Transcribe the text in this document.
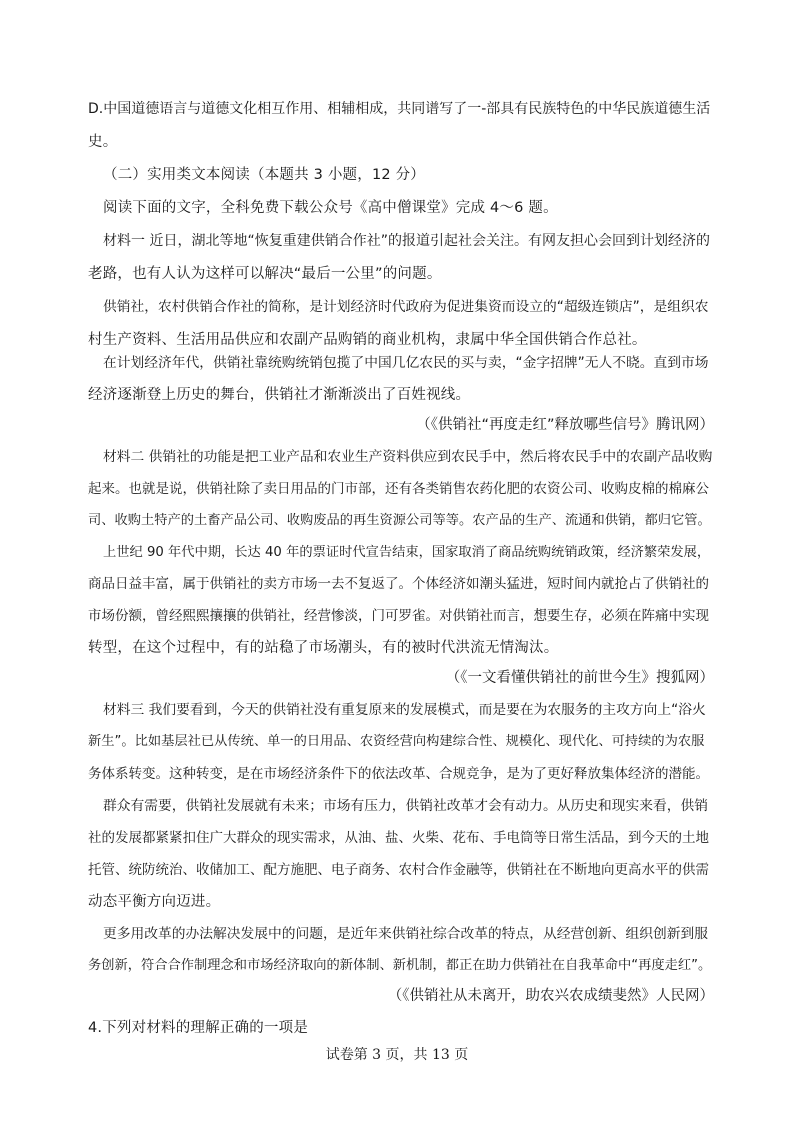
D.中国道德语言与道德文化相互作用、相辅相成，共同谱写了一-部具有民族特色的中华民族道德生活
史。
（二）实用类文本阅读（本题共 3 小题，12 分）
阅读下面的文字，全科免费下载公众号《高中僧课堂》完成 4～6 题。
材料一 近日，湖北等地“恢复重建供销合作社”的报道引起社会关注。有网友担心会回到计划经济的
老路，也有人认为这样可以解决“最后一公里”的问题。
供销社，农村供销合作社的简称，是计划经济时代政府为促进集资而设立的“超级连锁店”，是组织农
村生产资料、生活用品供应和农副产品购销的商业机构，隶属中华全国供销合作总社。
在计划经济年代，供销社靠统购统销包揽了中国几亿农民的买与卖，“金字招牌”无人不晓。直到市场
经济逐渐登上历史的舞台，供销社才渐渐淡出了百姓视线。
（《供销社“再度走红”释放哪些信号》腾讯网）
材料二 供销社的功能是把工业产品和农业生产资料供应到农民手中，然后将农民手中的农副产品收购
起来。也就是说，供销社除了卖日用品的门市部，还有各类销售农药化肥的农资公司、收购皮棉的棉麻公
司、收购土特产的土畜产品公司、收购废品的再生资源公司等等。农产品的生产、流通和供销，都归它管。
上世纪 90 年代中期，长达 40 年的票证时代宣告结束，国家取消了商品统购统销政策，经济繁荣发展，
商品日益丰富，属于供销社的卖方市场一去不复返了。个体经济如潮头猛进，短时间内就抢占了供销社的
市场份额，曾经熙熙攘攘的供销社，经营惨淡，门可罗雀。对供销社而言，想要生存，必须在阵痛中实现
转型，在这个过程中，有的站稳了市场潮头，有的被时代洪流无情淘汰。
（《一文看懂供销社的前世今生》搜狐网）
材料三 我们要看到，今天的供销社没有重复原来的发展模式，而是要在为农服务的主攻方向上“浴火
新生”。比如基层社已从传统、单一的日用品、农资经营向构建综合性、规模化、现代化、可持续的为农服
务体系转变。这种转变，是在市场经济条件下的依法改革、合规竞争，是为了更好释放集体经济的潜能。
群众有需要，供销社发展就有未来；市场有压力，供销社改革才会有动力。从历史和现实来看，供销
社的发展都紧紧扣住广大群众的现实需求，从油、盐、火柴、花布、手电筒等日常生活品，到今天的土地
托管、统防统治、收储加工、配方施肥、电子商务、农村合作金融等，供销社在不断地向更高水平的供需
动态平衡方向迈进。
更多用改革的办法解决发展中的问题，是近年来供销社综合改革的特点，从经营创新、组织创新到服
务创新，符合合作制理念和市场经济取向的新体制、新机制，都正在助力供销社在自我革命中“再度走红”。
（《供销社从未离开，助农兴农成绩斐然》人民网）
4.下列对材料的理解正确的一项是
试卷第 3 页，共 13 页
